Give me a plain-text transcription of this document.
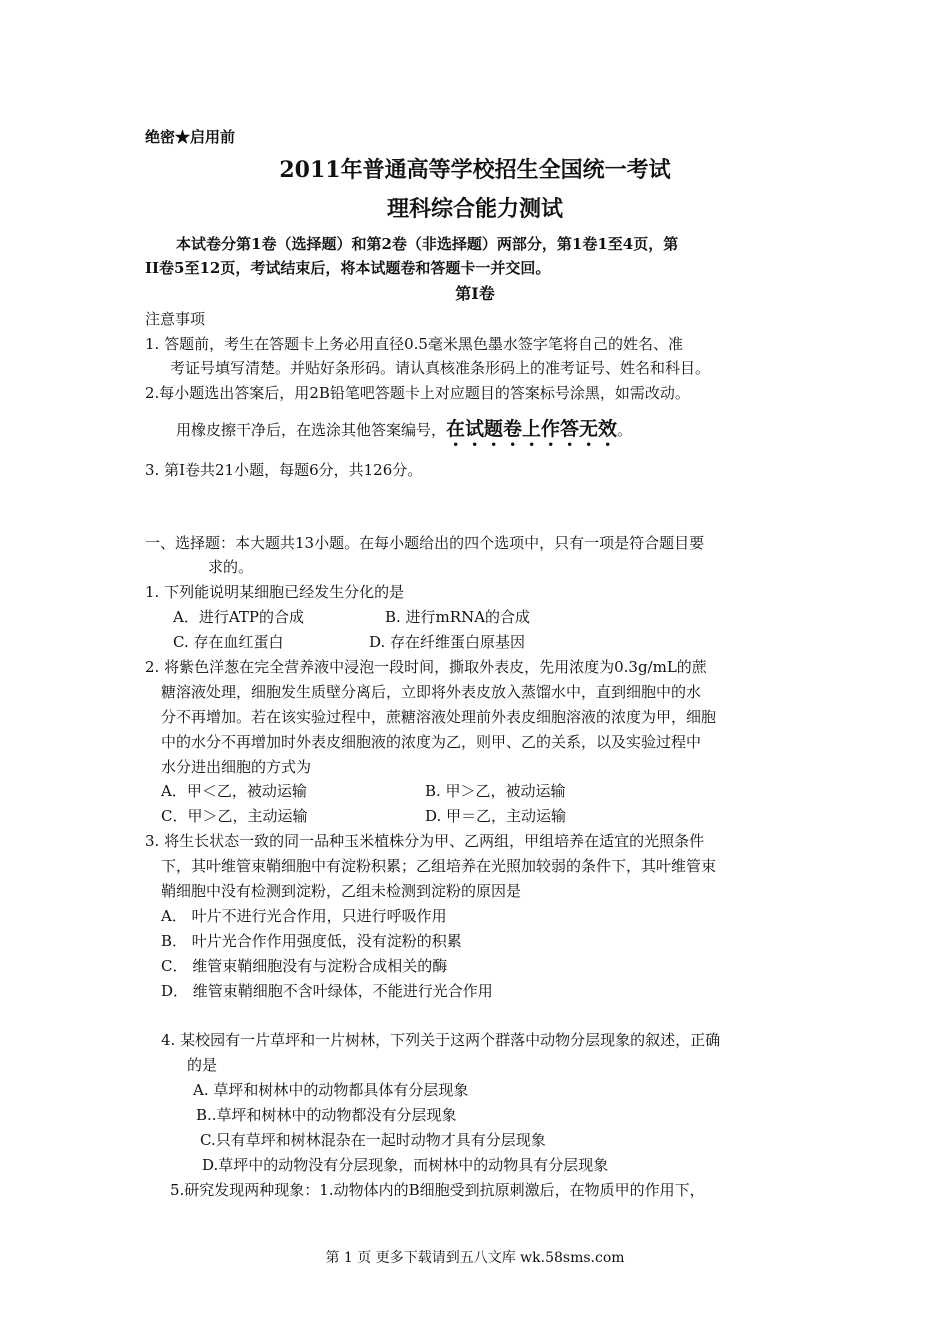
绝密★启用前
2011年普通高等学校招生全国统一考试
理科综合能力测试
本试卷分第1卷（选择题）和第2卷（非选择题）两部分，第1卷1至4页，第
II卷5至12页，考试结束后，将本试题卷和答题卡一并交回。
第I卷
注意事项
1. 答题前，考生在答题卡上务必用直径0.5毫米黑色墨水签字笔将自己的姓名、准
考证号填写清楚。并贴好条形码。请认真核准条形码上的准考证号、姓名和科目。
2.每小题选出答案后，用2B铅笔吧答题卡上对应题目的答案标号涂黑，如需改动。
用橡皮擦干净后，在选涂其他答案编号，在试题卷上作答无效。
3. 第I卷共21小题，每题6分，共126分。
一、选择题：本大题共13小题。在每小题给出的四个选项中，只有一项是符合题目要
求的。
1. 下列能说明某细胞已经发生分化的是
A．进行ATP的合成	B. 进行mRNA的合成
C. 存在血红蛋白	D. 存在纤维蛋白原基因
2. 将紫色洋葱在完全营养液中浸泡一段时间，撕取外表皮，先用浓度为0.3g/mL的蔗
糖溶液处理，细胞发生质壁分离后，立即将外表皮放入蒸馏水中，直到细胞中的水
分不再增加。若在该实验过程中，蔗糖溶液处理前外表皮细胞溶液的浓度为甲，细胞
中的水分不再增加时外表皮细胞液的浓度为乙，则甲、乙的关系，以及实验过程中
水分进出细胞的方式为
A．甲＜乙，被动运输	B. 甲＞乙，被动运输
C．甲＞乙，主动运输	D. 甲＝乙，主动运输
3. 将生长状态一致的同一品种玉米植株分为甲、乙两组，甲组培养在适宜的光照条件
下，其叶维管束鞘细胞中有淀粉积累；乙组培养在光照加较弱的条件下，其叶维管束
鞘细胞中没有检测到淀粉，乙组未检测到淀粉的原因是
A． 叶片不进行光合作用，只进行呼吸作用
B． 叶片光合作作用强度低，没有淀粉的积累
C． 维管束鞘细胞没有与淀粉合成相关的酶
D． 维管束鞘细胞不含叶绿体，不能进行光合作用
4. 某校园有一片草坪和一片树林，下列关于这两个群落中动物分层现象的叙述，正确
的是
A. 草坪和树林中的动物都具体有分层现象
B..草坪和树林中的动物都没有分层现象
C.只有草坪和树林混杂在一起时动物才具有分层现象
D.草坪中的动物没有分层现象，而树林中的动物具有分层现象
5.研究发现两种现象：1.动物体内的B细胞受到抗原刺激后，在物质甲的作用下，
第 1 页 更多下载请到五八文库 wk.58sms.com
